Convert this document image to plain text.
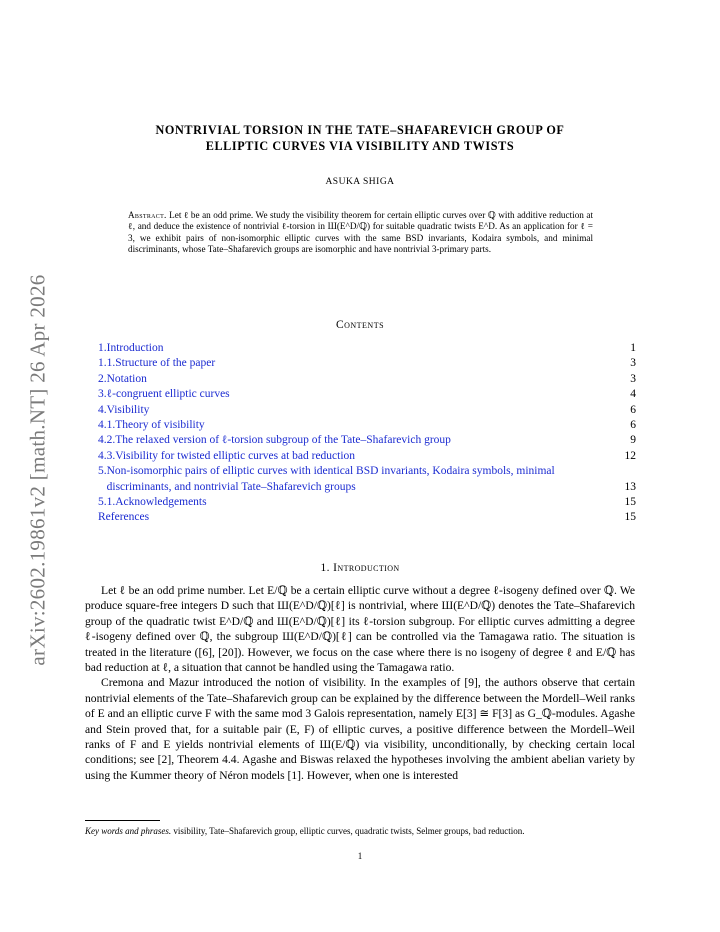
arXiv:2602.19861v2 [math.NT] 26 Apr 2026
NONTRIVIAL TORSION IN THE TATE–SHAFAREVICH GROUP OF
ELLIPTIC CURVES VIA VISIBILITY AND TWISTS
ASUKA SHIGA
Abstract. Let ℓ be an odd prime. We study the visibility theorem for certain elliptic curves over ℚ with additive reduction at ℓ, and deduce the existence of nontrivial ℓ-torsion in Ш(E^D/ℚ) for suitable quadratic twists E^D. As an application for ℓ = 3, we exhibit pairs of non-isomorphic elliptic curves with the same BSD invariants, Kodaira symbols, and minimal discriminants, whose Tate–Shafarevich groups are isomorphic and have nontrivial 3-primary parts.
Contents
1. Introduction	1
1.1. Structure of the paper	3
2. Notation	3
3. ℓ-congruent elliptic curves	4
4. Visibility	6
4.1. Theory of visibility	6
4.2. The relaxed version of ℓ-torsion subgroup of the Tate–Shafarevich group	9
4.3. Visibility for twisted elliptic curves at bad reduction	12
5. Non-isomorphic pairs of elliptic curves with identical BSD invariants, Kodaira symbols, minimal discriminants, and nontrivial Tate–Shafarevich groups	13
5.1. Acknowledgements	15
References	15
1. Introduction

Let ℓ be an odd prime number. Let E/ℚ be a certain elliptic curve without a degree ℓ-isogeny defined over ℚ. We produce square-free integers D such that Ш(E^D/ℚ)[ℓ] is nontrivial, where Ш(E^D/ℚ) denotes the Tate–Shafarevich group of the quadratic twist E^D/ℚ and Ш(E^D/ℚ)[ℓ] its ℓ-torsion subgroup. For elliptic curves admitting a degree ℓ-isogeny defined over ℚ, the subgroup Ш(E^D/ℚ)[ℓ] can be controlled via the Tamagawa ratio. The situation is treated in the literature ([6], [20]). However, we focus on the case where there is no isogeny of degree ℓ and E/ℚ has bad reduction at ℓ, a situation that cannot be handled using the Tamagawa ratio.

Cremona and Mazur introduced the notion of visibility. In the examples of [9], the authors observe that certain nontrivial elements of the Tate–Shafarevich group can be explained by the difference between the Mordell–Weil ranks of E and an elliptic curve F with the same mod 3 Galois representation, namely E[3] ≅ F[3] as G_ℚ-modules. Agashe and Stein proved that, for a suitable pair (E, F) of elliptic curves, a positive difference between the Mordell–Weil ranks of F and E yields nontrivial elements of Ш(E/ℚ) via visibility, unconditionally, by checking certain local conditions; see [2], Theorem 4.4. Agashe and Biswas relaxed the hypotheses involving the ambient abelian variety by using the Kummer theory of Néron models [1]. However, when one is interested

Key words and phrases. visibility, Tate–Shafarevich group, elliptic curves, quadratic twists, Selmer groups, bad reduction.
1
